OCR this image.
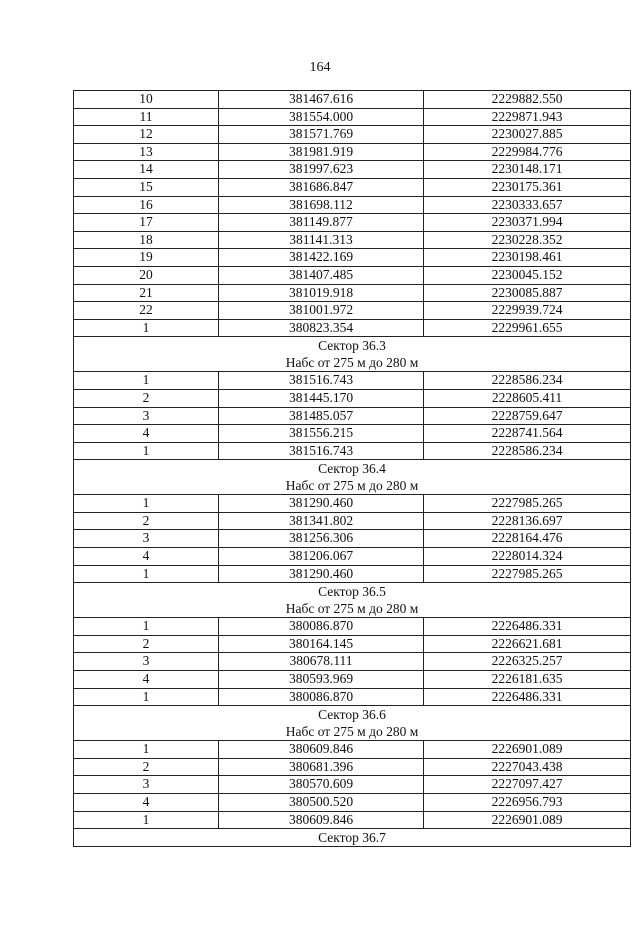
164
10	381467.616	2229882.550
11	381554.000	2229871.943
12	381571.769	2230027.885
13	381981.919	2229984.776
14	381997.623	2230148.171
15	381686.847	2230175.361
16	381698.112	2230333.657
17	381149.877	2230371.994
18	381141.313	2230228.352
19	381422.169	2230198.461
20	381407.485	2230045.152
21	381019.918	2230085.887
22	381001.972	2229939.724
1	380823.354	2229961.655

Сектор 36.3
Набс от 275 м до 280 м		

1	381516.743	2228586.234
2	381445.170	2228605.411
3	381485.057	2228759.647
4	381556.215	2228741.564
1	381516.743	2228586.234

Сектор 36.4
Набс от 275 м до 280 м		

1	381290.460	2227985.265
2	381341.802	2228136.697
3	381256.306	2228164.476
4	381206.067	2228014.324
1	381290.460	2227985.265

Сектор 36.5
Набс от 275 м до 280 м		

1	380086.870	2226486.331
2	380164.145	2226621.681
3	380678.111	2226325.257
4	380593.969	2226181.635
1	380086.870	2226486.331

Сектор 36.6
Набс от 275 м до 280 м		

1	380609.846	2226901.089
2	380681.396	2227043.438
3	380570.609	2227097.427
4	380500.520	2226956.793
1	380609.846	2226901.089

Сектор 36.7		
